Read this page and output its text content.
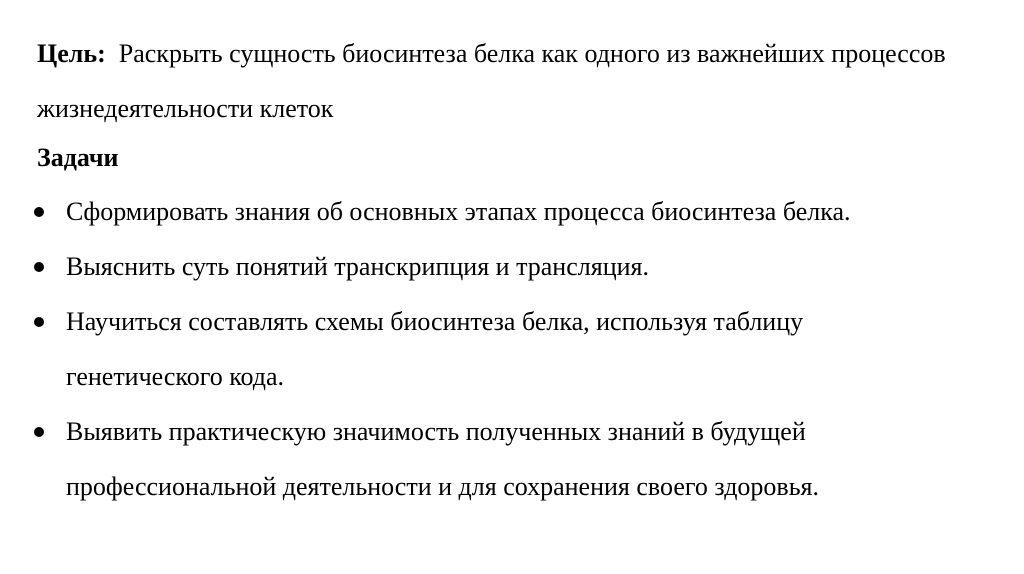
Цель: Раскрыть сущность биосинтеза белка как одного из важнейших процессов жизнедеятельности клеток

Задачи
Сформировать знания об основных этапах процесса биосинтеза белка.
Выяснить суть понятий транскрипция и трансляция.
Научиться составлять схемы биосинтеза белка, используя таблицу генетического кода.
Выявить практическую значимость полученных знаний в будущей профессиональной деятельности и для сохранения своего здоровья.
